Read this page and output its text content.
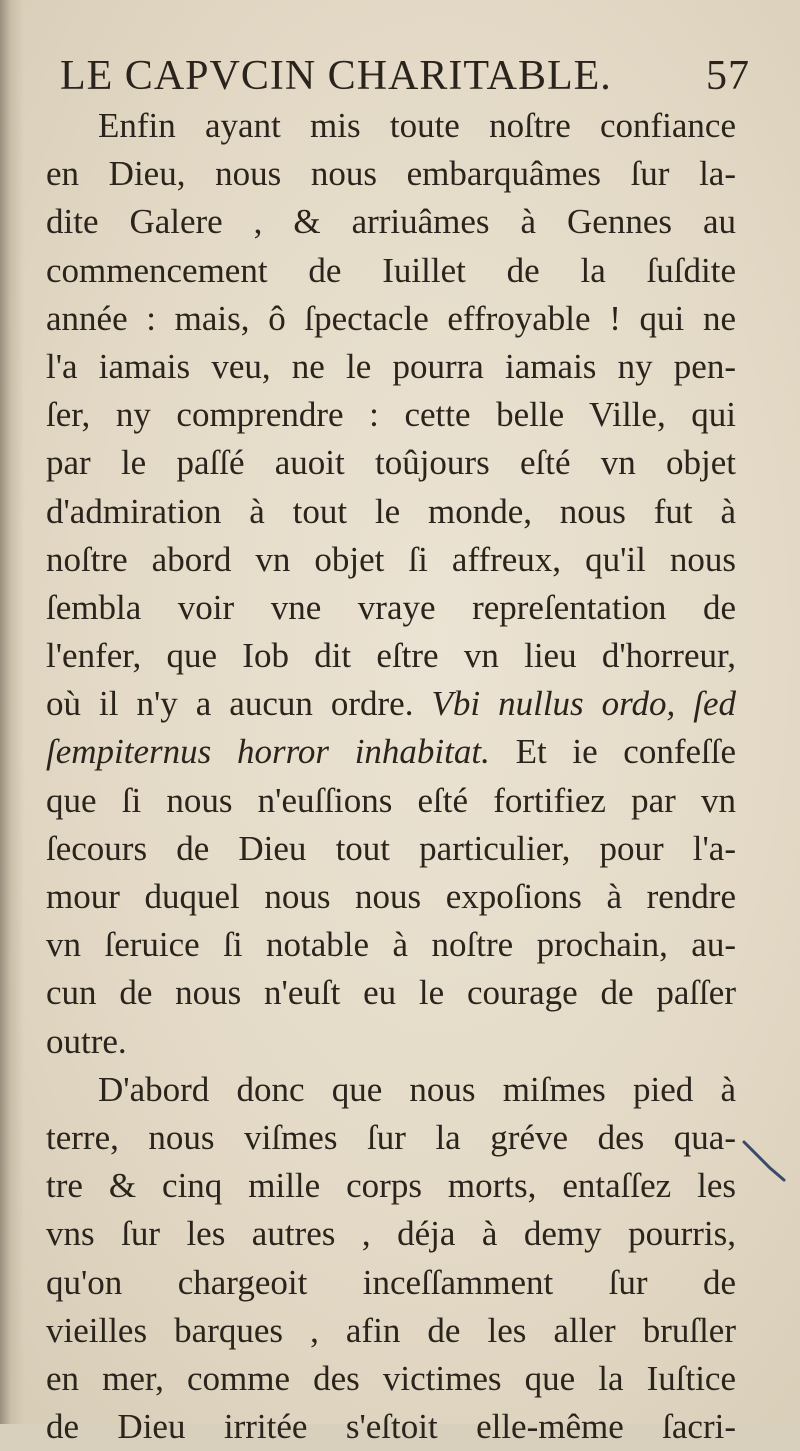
LE CAPVCIN CHARITABLE. 57
Enfin ayant mis toute noſtre confiance
en Dieu, nous nous embarquâmes ſur la-
dite Galere , & arriuâmes à Gennes au
commencement de Iuillet de la ſuſdite
année : mais, ô ſpectacle effroyable ! qui ne
l'a iamais veu, ne le pourra iamais ny pen-
ſer, ny comprendre : cette belle Ville, qui
par le paſſé auoit toûjours eſté vn objet
d'admiration à tout le monde, nous fut à
noſtre abord vn objet ſi affreux, qu'il nous
ſembla voir vne vraye repreſentation de
l'enfer, que Iob dit eſtre vn lieu d'horreur,
où il n'y a aucun ordre. Vbi nullus ordo, ſed
ſempiternus horror inhabitat. Et ie confeſſe
que ſi nous n'euſſions eſté fortifiez par vn
ſecours de Dieu tout particulier, pour l'a-
mour duquel nous nous expoſions à rendre
vn ſeruice ſi notable à noſtre prochain, au-
cun de nous n'euſt eu le courage de paſſer
outre.
D'abord donc que nous miſmes pied à
terre, nous viſmes ſur la gréve des qua-
tre & cinq mille corps morts, entaſſez les
vns ſur les autres , déja à demy pourris,
qu'on chargeoit inceſſamment ſur de
vieilles barques , afin de les aller bruſler
en mer, comme des victimes que la Iuſtice
de Dieu irritée s'eſtoit elle-même ſacri-
